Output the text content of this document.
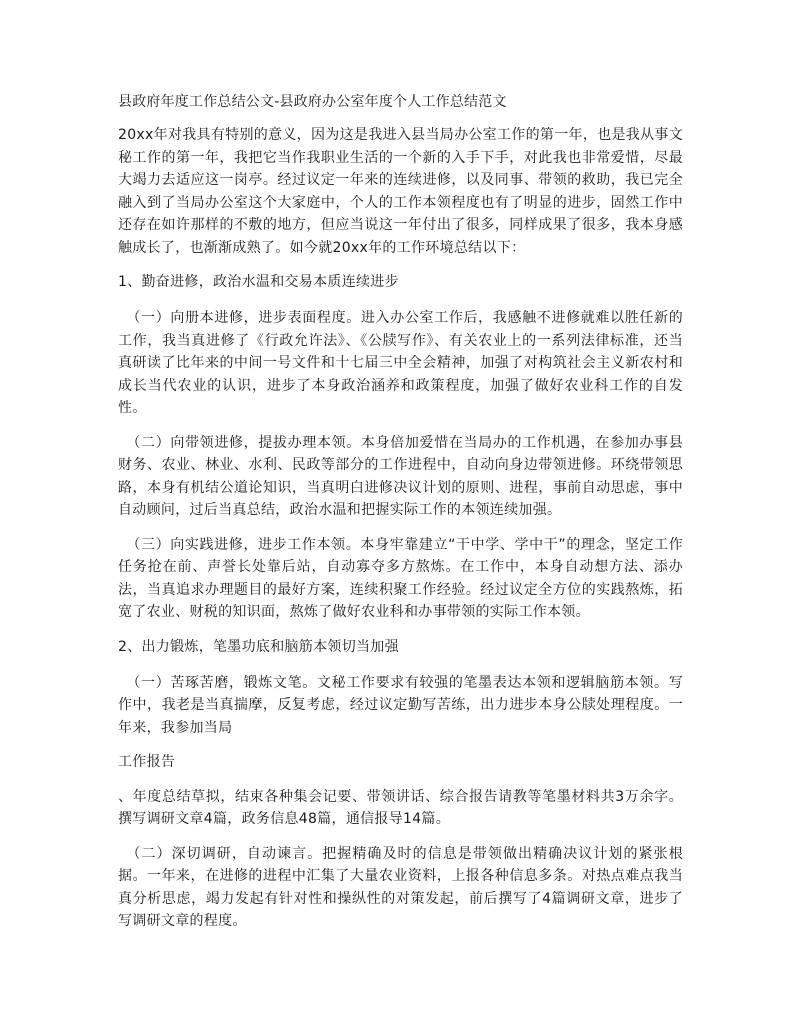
县政府年度工作总结公文-县政府办公室年度个人工作总结范文

20xx年对我具有特别的意义，因为这是我进入县当局办公室工作的第一年，也是我从事文秘工作的第一年，我把它当作我职业生活的一个新的入手下手，对此我也非常爱惜，尽最大竭力去适应这一岗亭。经过议定一年来的连续进修，以及同事、带领的救助，我已完全融入到了当局办公室这个大家庭中，个人的工作本领程度也有了明显的进步，固然工作中还存在如许那样的不敷的地方，但应当说这一年付出了很多，同样成果了很多，我本身感触成长了，也渐渐成熟了。如今就20xx年的工作环境总结以下：

1、勤奋进修，政治水温和交易本质连续进步

（一）向册本进修，进步表面程度。进入办公室工作后，我感触不进修就难以胜任新的工作，我当真进修了《行政允许法》、《公牍写作》、有关农业上的一系列法律标准，还当真研读了比年来的中间一号文件和十七届三中全会精神，加强了对构筑社会主义新农村和成长当代农业的认识，进步了本身政治涵养和政策程度，加强了做好农业科工作的自发性。

（二）向带领进修，提拔办理本领。本身倍加爱惜在当局办的工作机遇，在参加办事县财务、农业、林业、水利、民政等部分的工作进程中，自动向身边带领进修。环绕带领思路，本身有机结公道论知识，当真明白进修决议计划的原则、进程，事前自动思虑，事中自动顾问，过后当真总结，政治水温和把握实际工作的本领连续加强。

（三）向实践进修，进步工作本领。本身牢靠建立“干中学、学中干”的理念，坚定工作任务抢在前、声誉长处靠后站，自动寡夺多方熬炼。在工作中，本身自动想方法、添办法，当真追求办理题目的最好方案，连续积聚工作经验。经过议定全方位的实践熬炼，拓宽了农业、财税的知识面，熬炼了做好农业科和办事带领的实际工作本领。

2、出力锻炼，笔墨功底和脑筋本领切当加强

（一）苦琢苦磨，锻炼文笔。文秘工作要求有较强的笔墨表达本领和逻辑脑筋本领。写作中，我老是当真揣摩，反复考虑，经过议定勤写苦练，出力进步本身公牍处理程度。一年来，我参加当局

工作报告

、年度总结草拟，结束各种集会记要、带领讲话、综合报告请教等笔墨材料共3万余字。撰写调研文章4篇，政务信息48篇，通信报导14篇。

（二）深切调研，自动谏言。把握精确及时的信息是带领做出精确决议计划的紧张根据。一年来，在进修的进程中汇集了大量农业资料，上报各种信息多条。对热点难点我当真分析思虑，竭力发起有针对性和操纵性的对策发起，前后撰写了4篇调研文章，进步了写调研文章的程度。
